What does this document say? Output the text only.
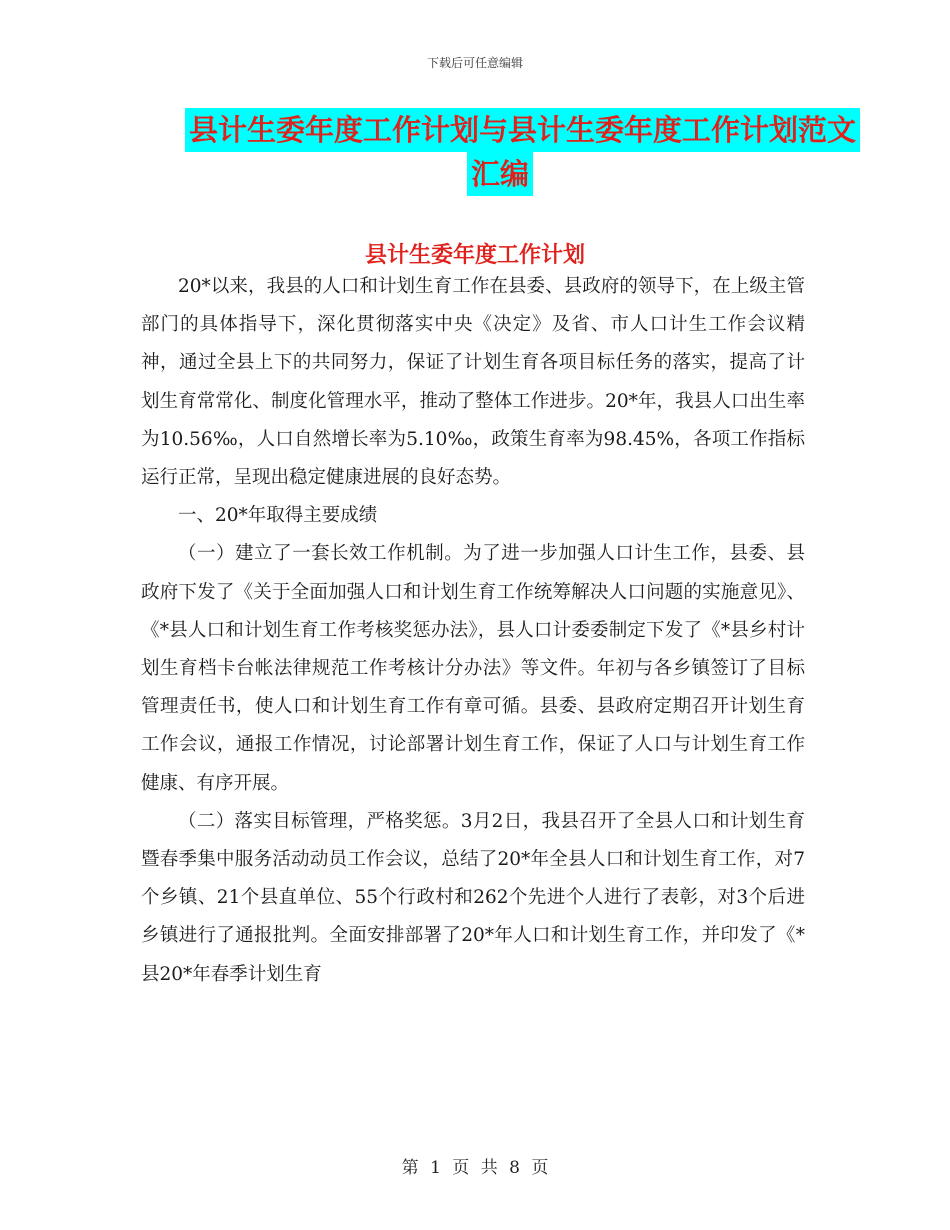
下载后可任意编辑
县计生委年度工作计划与县计生委年度工作计划范文
汇编
县计生委年度工作计划

20*以来，我县的人口和计划生育工作在县委、县政府的领导下，在上级主管部门的具体指导下，深化贯彻落实中央《决定》及省、市人口计生工作会议精神，通过全县上下的共同努力，保证了计划生育各项目标任务的落实，提高了计划生育常常化、制度化管理水平，推动了整体工作进步。20*年，我县人口出生率为10.56‰，人口自然增长率为5.10‰，政策生育率为98.45%，各项工作指标运行正常，呈现出稳定健康进展的良好态势。

一、20*年取得主要成绩

（一）建立了一套长效工作机制。为了进一步加强人口计生工作，县委、县政府下发了《关于全面加强人口和计划生育工作统筹解决人口问题的实施意见》、《*县人口和计划生育工作考核奖惩办法》，县人口计委委制定下发了《*县乡村计划生育档卡台帐法律规范工作考核计分办法》等文件。年初与各乡镇签订了目标管理责任书，使人口和计划生育工作有章可循。县委、县政府定期召开计划生育工作会议，通报工作情况，讨论部署计划生育工作，保证了人口与计划生育工作健康、有序开展。

（二）落实目标管理，严格奖惩。3月2日，我县召开了全县人口和计划生育暨春季集中服务活动动员工作会议，总结了20*年全县人口和计划生育工作，对7个乡镇、21个县直单位、55个行政村和262个先进个人进行了表彰，对3个后进乡镇进行了通报批判。全面安排部署了20*年人口和计划生育工作，并印发了《*县20*年春季计划生育

第 1 页 共 8 页
